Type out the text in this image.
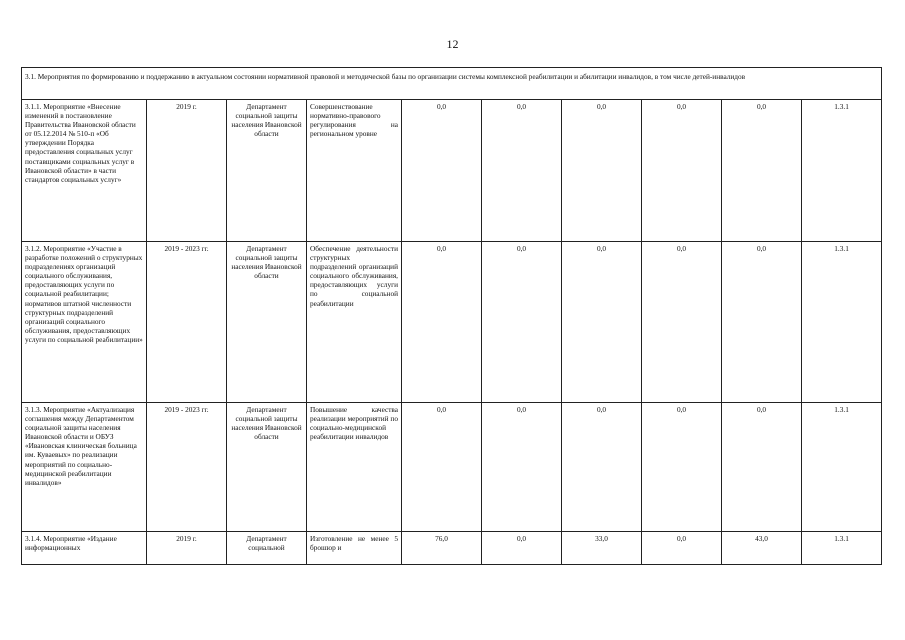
12
3.1. Мероприятия по формированию и поддержанию в актуальном состоянии нормативной правовой и методической базы по организации системы комплексной реабилитации и абилитации инвалидов, в том числе детей-инвалидов									
3.1.1. Мероприятие «Внесение изменений в постановление Правительства Ивановской области от 05.12.2014 № 510-п «Об утверждении Порядка предоставления социальных услуг поставщиками социальных услуг в Ивановской области» в части стандартов социальных услуг»	2019 г.	Департамент социальной защиты населения Ивановской области	Совершенствование нормативно-правового регулирования на региональном уровне	0,0	0,0	0,0	0,0	0,0	1.3.1
3.1.2. Мероприятие «Участие в разработке положений о структурных подразделениях организаций социального обслуживания, предоставляющих услуги по социальной реабилитации; нормативов штатной численности структурных подразделений организаций социального обслуживания, предоставляющих услуги по социальной реабилитации»	2019 - 2023 гг.	Департамент социальной защиты населения Ивановской области	Обеспечение деятельности структурных подразделений организаций социального обслуживания, предоставляющих услуги по социальной реабилитации	0,0	0,0	0,0	0,0	0,0	1.3.1
3.1.3. Мероприятие «Актуализация соглашения между Департаментом социальной защиты населения Ивановской области и ОБУЗ «Ивановская клиническая больница им. Куваевых» по реализации мероприятий по социально-медицинской реабилитации инвалидов»	2019 - 2023 гг.	Департамент социальной защиты населения Ивановской области	Повышение качества реализации мероприятий по социально-медицинской реабилитации инвалидов	0,0	0,0	0,0	0,0	0,0	1.3.1
3.1.4. Мероприятие «Издание информационных	2019 г.	Департамент социальной	Изготовление не менее 5 брошюр и	76,0	0,0	33,0	0,0	43,0	1.3.1
